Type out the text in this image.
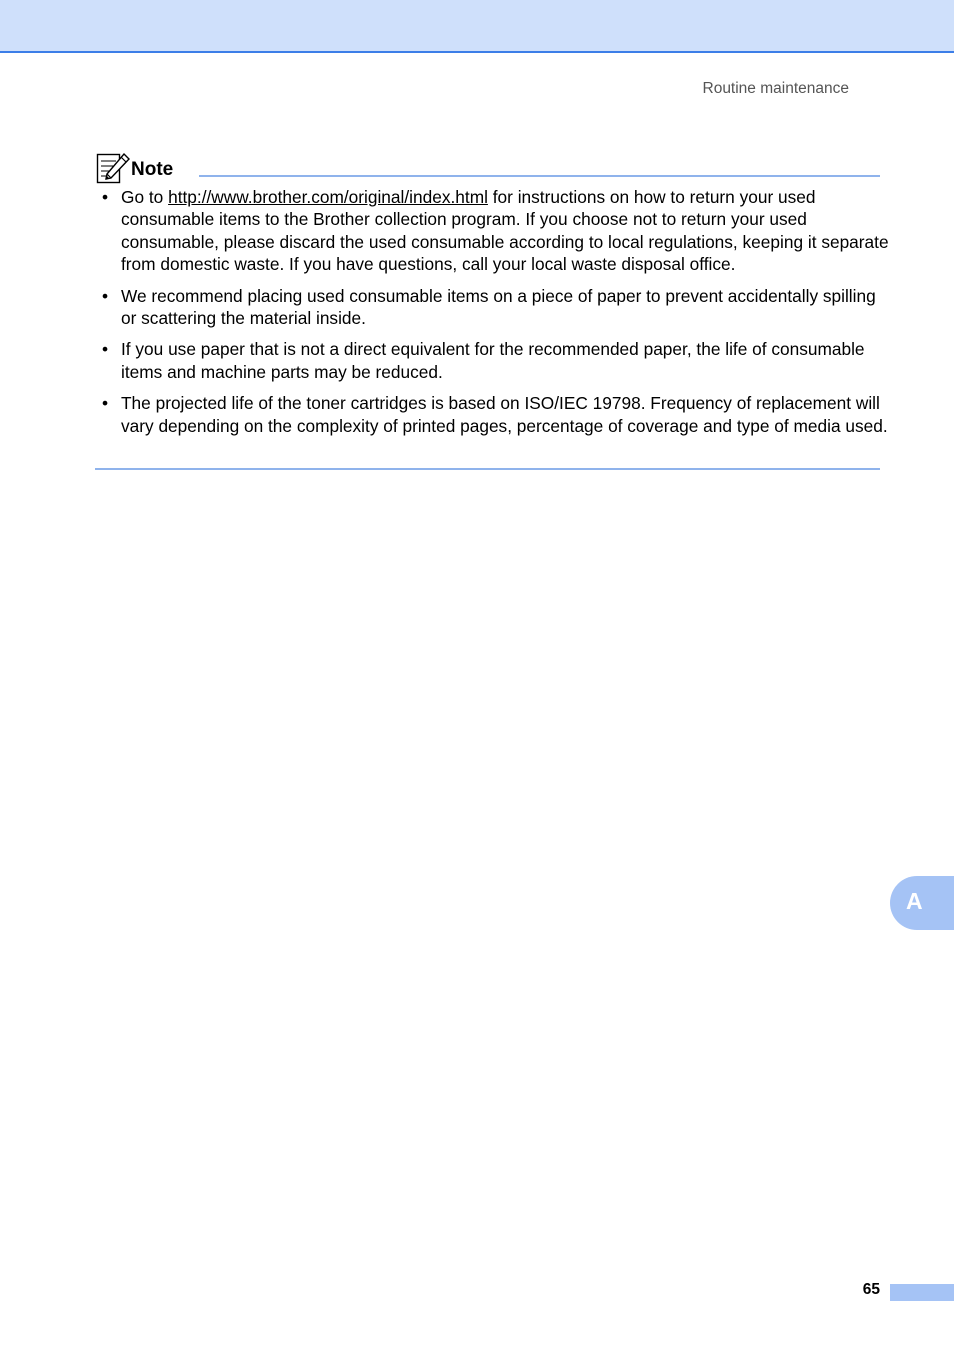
Routine maintenance
Note
• Go to http://www.brother.com/original/index.html for instructions on how to return your used consumable items to the Brother collection program. If you choose not to return your used consumable, please discard the used consumable according to local regulations, keeping it separate from domestic waste. If you have questions, call your local waste disposal office.
• We recommend placing used consumable items on a piece of paper to prevent accidentally spilling or scattering the material inside.
• If you use paper that is not a direct equivalent for the recommended paper, the life of consumable items and machine parts may be reduced.
• The projected life of the toner cartridges is based on ISO/IEC 19798. Frequency of replacement will vary depending on the complexity of printed pages, percentage of coverage and type of media used.
A
65
